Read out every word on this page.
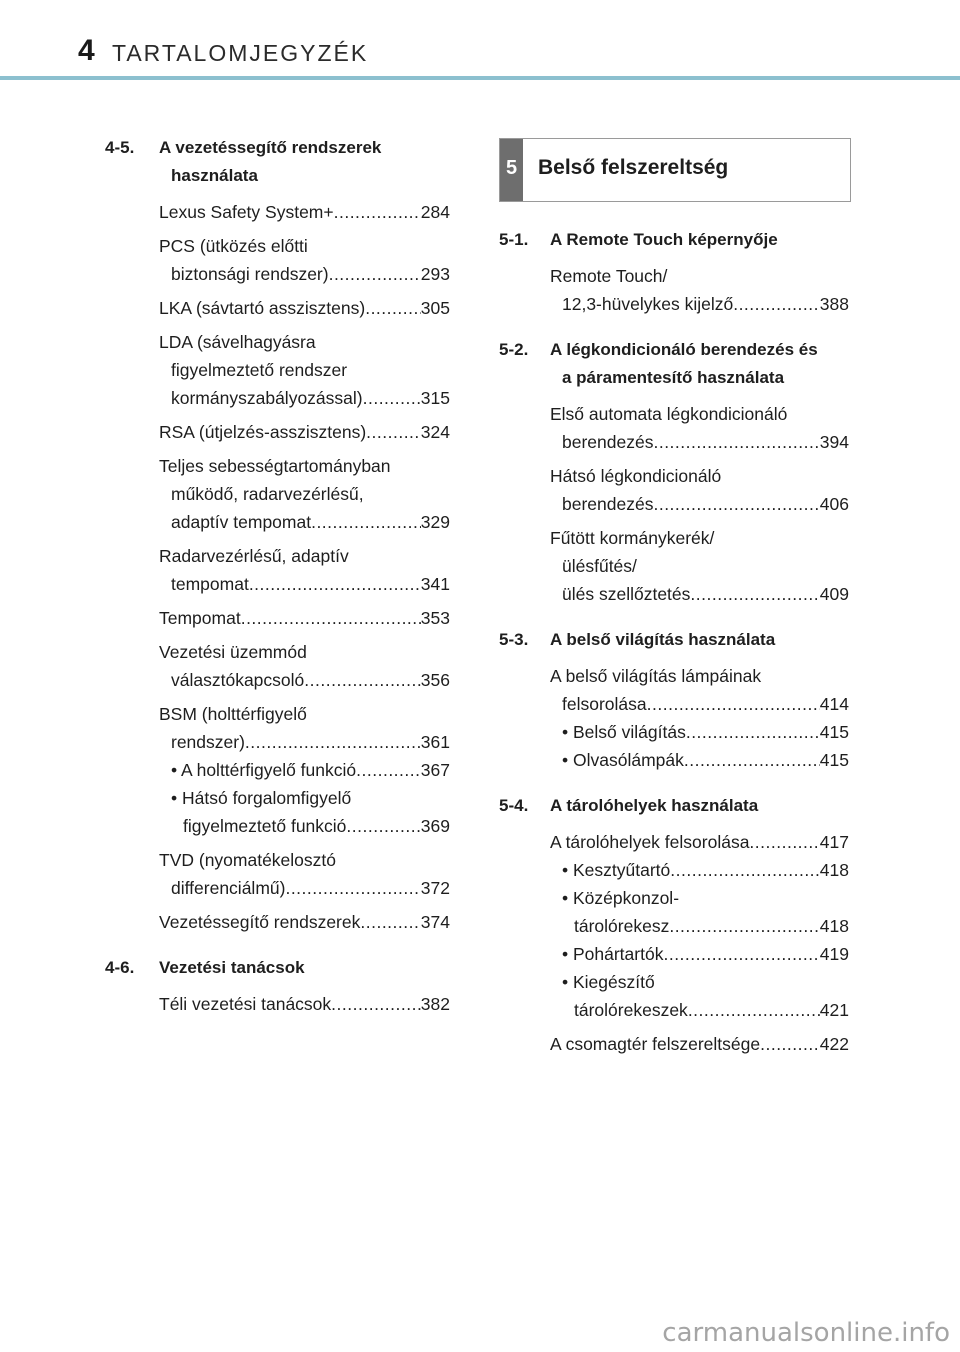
4 TARTALOMJEGYZÉK
5 Belső felszereltség
4-5. A vezetéssegítő rendszerek
használata
Lexus Safety System+ .....	284
PCS (ütközés előtti
biztonsági rendszer) .....	293
LKA (sávtartó asszisztens) .....	305
LDA (sávelhagyásra
figyelmeztető rendszer
kormányszabályozással) .....	315
RSA (útjelzés-asszisztens) .....	324
Teljes sebességtartományban
működő, radarvezérlésű,
adaptív tempomat .....	329
Radarvezérlésű, adaptív
tempomat .....	341
Tempomat .....	353
Vezetési üzemmód
választókapcsoló .....	356
BSM (holttérfigyelő
rendszer) .....	361
• A holttérfigyelő funkció .....	367
• Hátsó forgalomfigyelő
figyelmeztető funkció .....	369
TVD (nyomatékelosztó
differenciálmű) .....	372
Vezetéssegítő rendszerek .....	374
4-6. Vezetési tanácsok
Téli vezetési tanácsok .....	382
5-1. A Remote Touch képernyője
Remote Touch/
12,3-hüvelykes kijelző .....	388
5-2. A légkondicionáló berendezés és
a páramentesítő használata
Első automata légkondicionáló
berendezés .....	394
Hátsó légkondicionáló
berendezés .....	406
Fűtött kormánykerék/
ülésfűtés/
ülés szellőztetés .....	409
5-3. A belső világítás használata
A belső világítás lámpáinak
felsorolása .....	414
• Belső világítás .....	415
• Olvasólámpák .....	415
5-4. A tárolóhelyek használata
A tárolóhelyek felsorolása .....	417
• Kesztyűtartó .....	418
• Középkonzol-
tárolórekesz .....	418
• Pohártartók .....	419
• Kiegészítő
tárolórekeszek .....	421
A csomagtér felszereltsége .....	422
carmanualsonline.info
